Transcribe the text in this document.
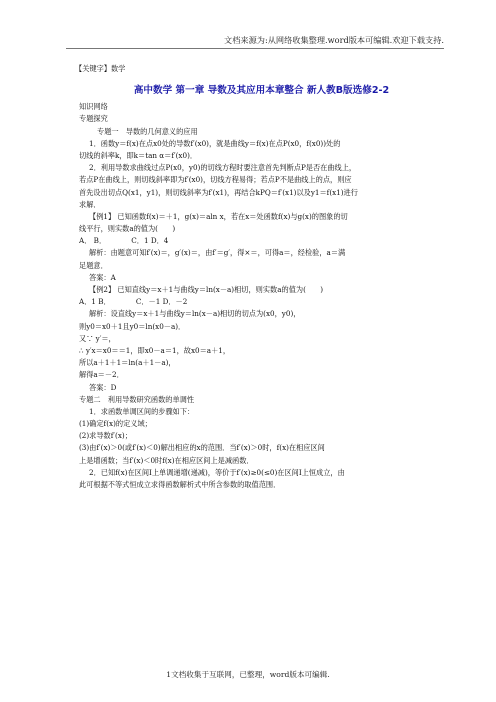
文档来源为:从网络收集整理.word版本可编辑.欢迎下载支持.
【关键字】数学
高中数学 第一章 导数及其应用本章整合 新人教B版选修2-2
知识网络
专题探究
专题一　导数的几何意义的应用
1．函数y＝f(x)在点x0处的导数f′(x0)，就是曲线y＝f(x)在点P(x0，f(x0))处的
切线的斜率k，即k＝tan α＝f′(x0)．
2．利用导数求曲线过点P(x0，y0)的切线方程时要注意首先判断点P是否在曲线上，
若点P在曲线上，则切线斜率即为f′(x0)，切线方程易得；若点P不是曲线上的点，则应
首先设出切点Q(x1，y1)，则切线斜率为f′(x1)，再结合kPQ＝f′(x1)以及y1＝f(x1)进行
求解．
【例1】 已知函数f(x)＝＋1，g(x)＝aln x，若在x＝处函数f(x)与g(x)的图象的切
线平行，则实数a的值为(　　)
A． B．　　　　C．1 D．4
解析：由题意可知f′(x)＝，g′(x)＝，由f′＝g′，得×＝，可得a＝，经检验，a＝满
足题意．
答案：A
【例2】 已知直线y＝x＋1与曲线y＝ln(x－a)相切，则实数a的值为(　　)
A．1 B．　　　　C．－1 D．－2
解析：设直线y＝x＋1与曲线y＝ln(x－a)相切的切点为(x0，y0)，
则y0＝x0＋1且y0＝ln(x0－a)．
又∵ y′＝，
∴ y′x＝x0＝＝1，即x0－a＝1，故x0＝a＋1，
所以a＋1＋1＝ln(a＋1－a)，
解得a＝－2．
答案：D
专题二　利用导数研究函数的单调性
1．求函数单调区间的步骤如下：
(1)确定f(x)的定义域；
(2)求导数f′(x)；
(3)由f′(x)＞0(或f′(x)＜0)解出相应的x的范围．当f′(x)＞0时，f(x)在相应区间
上是增函数；当f′(x)＜0时f(x)在相应区间上是减函数．
2．已知f(x)在区间I上单调递增(递减)，等价于f′(x)≥0(≤0)在区间I上恒成立，由
此可根据不等式恒成立求得函数解析式中所含参数的取值范围．
1文档收集于互联网，已整理，word版本可编辑.
